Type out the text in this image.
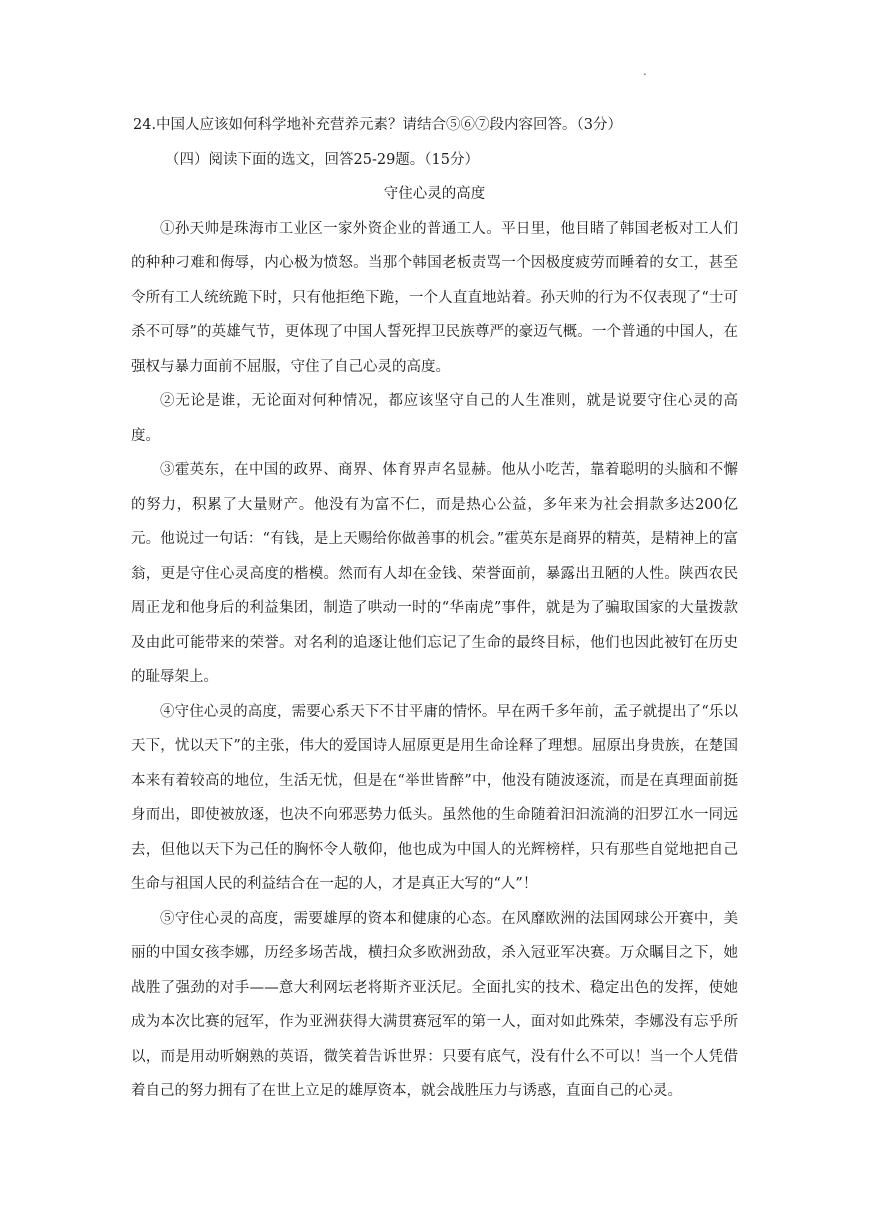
.

24.中国人应该如何科学地补充营养元素？请结合⑤⑥⑦段内容回答。（3分）

（四）阅读下面的选文，回答25-29题。（15分）

守住心灵的高度

①孙天帅是珠海市工业区一家外资企业的普通工人。平日里，他目睹了韩国老板对工人们的种种刁难和侮辱，内心极为愤怒。当那个韩国老板责骂一个因极度疲劳而睡着的女工，甚至令所有工人统统跪下时，只有他拒绝下跪，一个人直直地站着。孙天帅的行为不仅表现了“士可杀不可辱”的英雄气节，更体现了中国人誓死捍卫民族尊严的豪迈气概。一个普通的中国人，在强权与暴力面前不屈服，守住了自己心灵的高度。

②无论是谁，无论面对何种情况，都应该坚守自己的人生准则，就是说要守住心灵的高度。

③霍英东，在中国的政界、商界、体育界声名显赫。他从小吃苦，靠着聪明的头脑和不懈的努力，积累了大量财产。他没有为富不仁，而是热心公益，多年来为社会捐款多达200亿元。他说过一句话：“有钱，是上天赐给你做善事的机会。”霍英东是商界的精英，是精神上的富翁，更是守住心灵高度的楷模。然而有人却在金钱、荣誉面前，暴露出丑陋的人性。陕西农民周正龙和他身后的利益集团，制造了哄动一时的“华南虎”事件，就是为了骗取国家的大量拨款及由此可能带来的荣誉。对名利的追逐让他们忘记了生命的最终目标，他们也因此被钉在历史的耻辱架上。

④守住心灵的高度，需要心系天下不甘平庸的情怀。早在两千多年前，孟子就提出了“乐以天下，忧以天下”的主张，伟大的爱国诗人屈原更是用生命诠释了理想。屈原出身贵族，在楚国本来有着较高的地位，生活无忧，但是在“举世皆醉”中，他没有随波逐流，而是在真理面前挺身而出，即使被放逐，也决不向邪恶势力低头。虽然他的生命随着汩汩流淌的汨罗江水一同远去，但他以天下为己任的胸怀令人敬仰，他也成为中国人的光辉榜样，只有那些自觉地把自己生命与祖国人民的利益结合在一起的人，才是真正大写的“人”！

⑤守住心灵的高度，需要雄厚的资本和健康的心态。在风靡欧洲的法国网球公开赛中，美丽的中国女孩李娜，历经多场苦战，横扫众多欧洲劲敌，杀入冠亚军决赛。万众瞩目之下，她战胜了强劲的对手——意大利网坛老将斯齐亚沃尼。全面扎实的技术、稳定出色的发挥，使她成为本次比赛的冠军，作为亚洲获得大满贯赛冠军的第一人，面对如此殊荣，李娜没有忘乎所以，而是用动听娴熟的英语，微笑着告诉世界：只要有底气，没有什么不可以！当一个人凭借着自己的努力拥有了在世上立足的雄厚资本，就会战胜压力与诱惑，直面自己的心灵。
